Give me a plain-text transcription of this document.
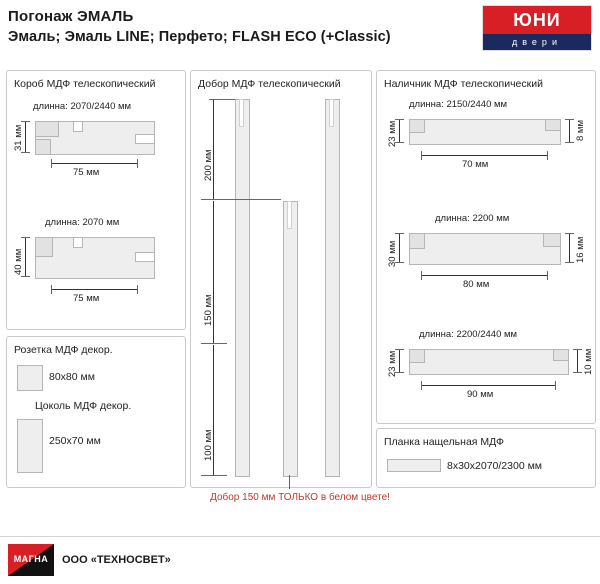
Погонаж ЭМАЛЬ
Эмаль; Эмаль LINE; Перфето; FLASH ECO (+Classic)
ЮНИ
двери
Короб МДФ телескопический
длинна: 2070/2440 мм
31 мм
75 мм
длинна: 2070 мм
40 мм
75 мм
Розетка МДФ декор.
80х80 мм
Цоколь МДФ декор.
250х70 мм
Добор МДФ телескопический
200 мм
150 мм
100 мм
Наличник МДФ телескопический
длинна: 2150/2440 мм
23 мм	8 мм
70 мм
длинна: 2200 мм
30 мм	16 мм
80 мм
длинна: 2200/2440 мм
23 мм	10 мм
90 мм
Планка нащельная МДФ
8х30х2070/2300 мм
Добор 150 мм ТОЛЬКО в белом цвете!
МАГНА	ООО «ТЕХНОСВЕТ»
